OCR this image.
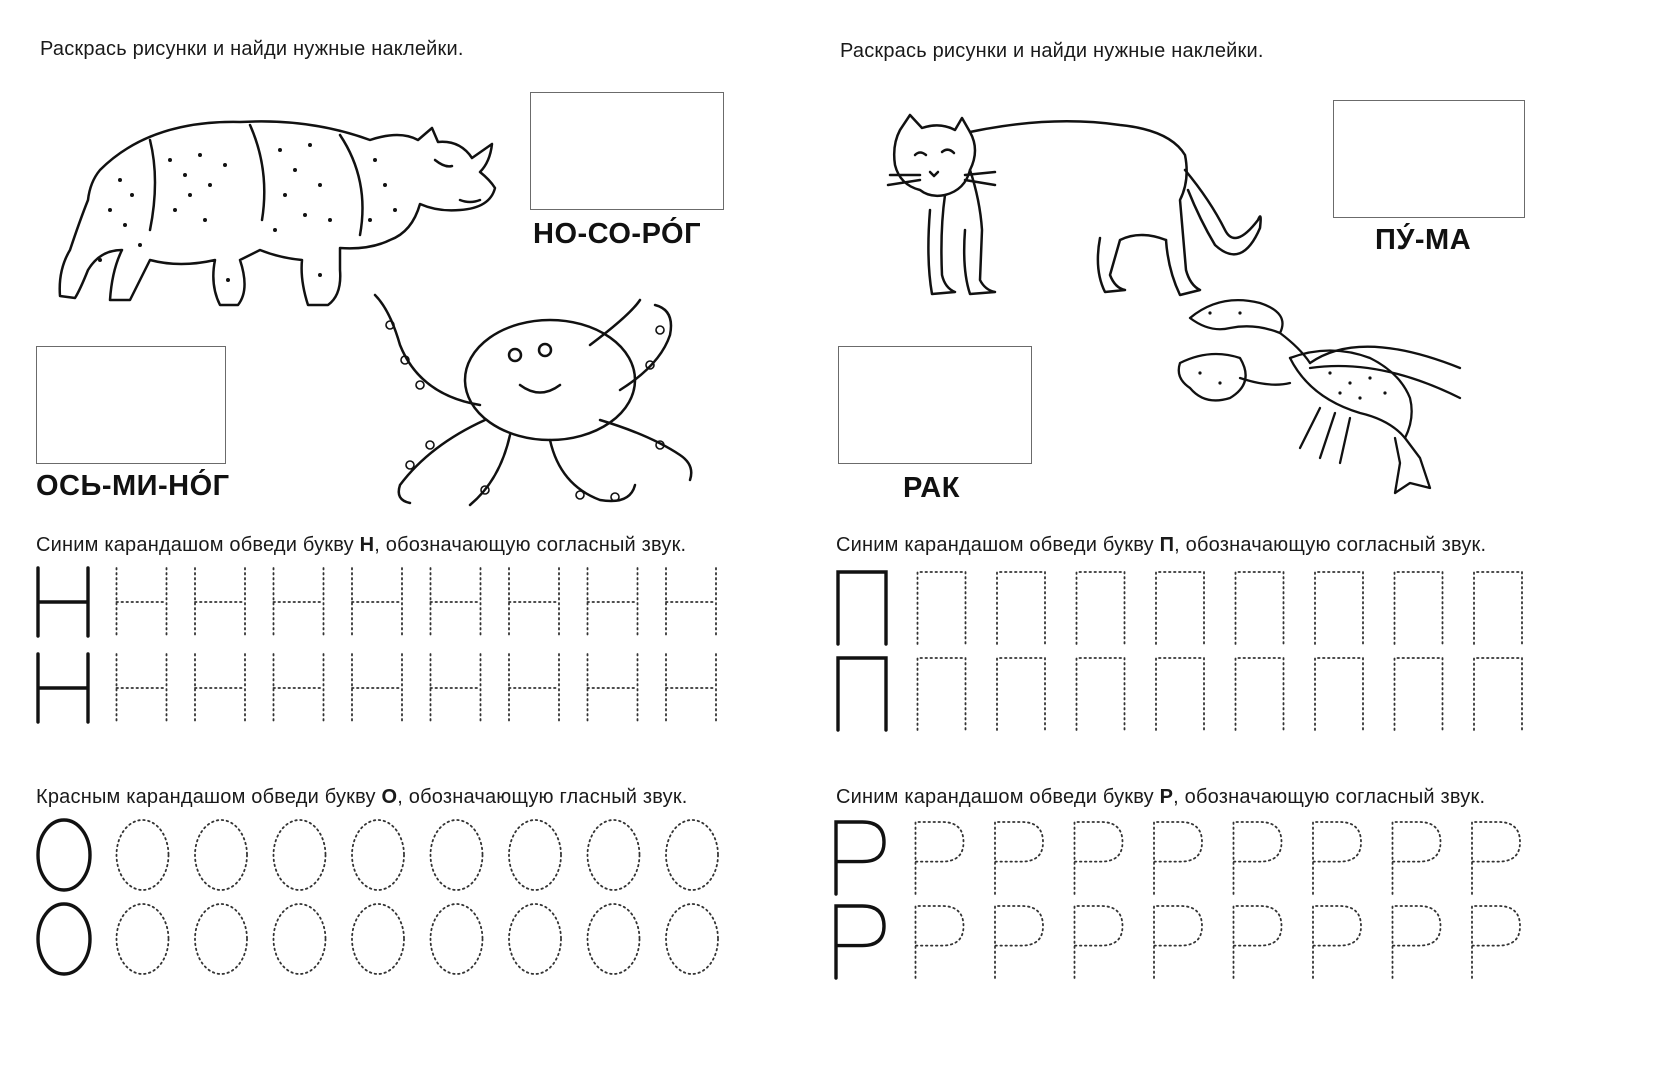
Раскрась рисунки и найди нужные наклейки.
НО-СО-РО́Г
ОСЬ-МИ-НО́Г
Синим карандашом обведи букву Н, обозначающую согласный звук.
Красным карандашом обведи букву О, обозначающую гласный звук.
Раскрась рисунки и найди нужные наклейки.
ПУ́-МА
РАК
Синим карандашом обведи букву П, обозначающую согласный звук.
Синим карандашом обведи букву Р, обозначающую согласный звук.
